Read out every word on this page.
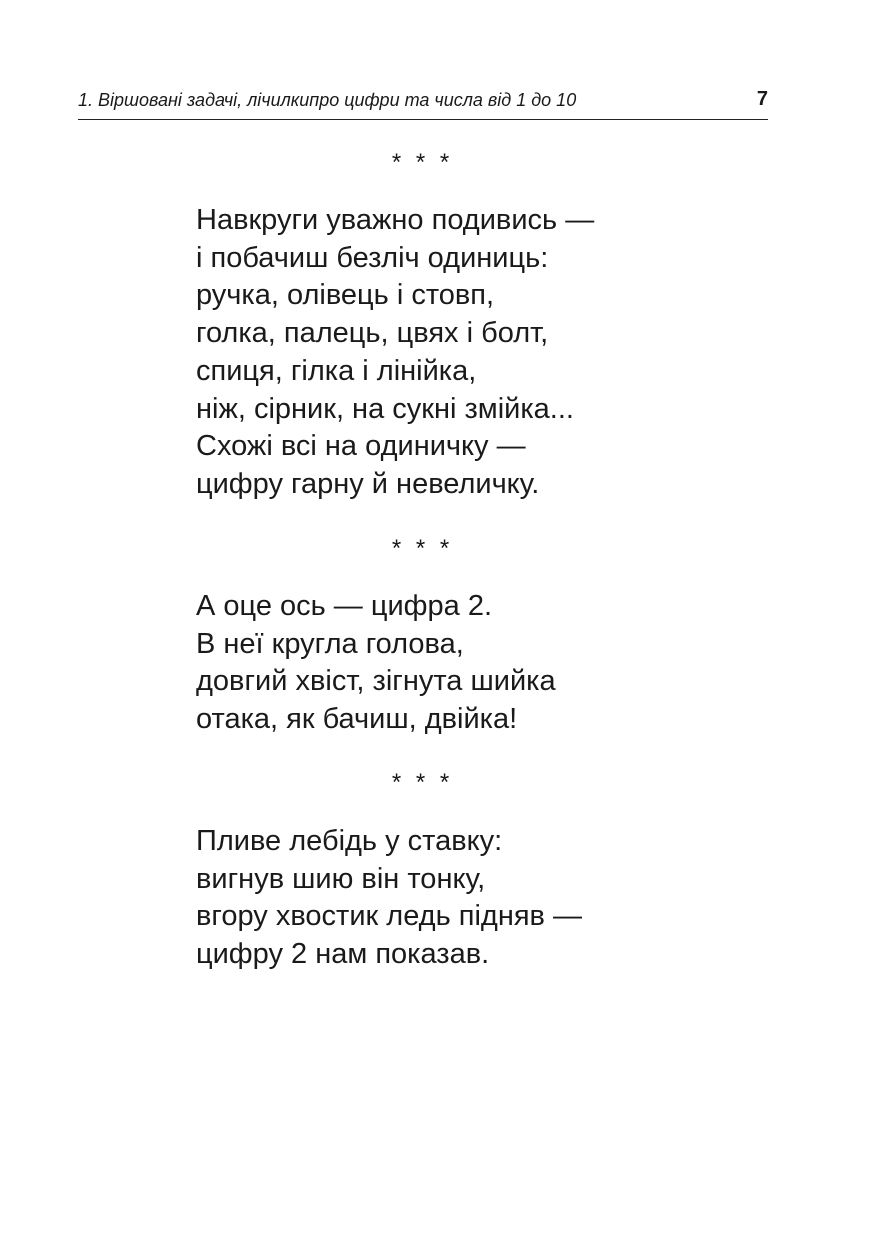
1. Віршовані задачі, лічилкипро цифри та числа від 1 до 10	7
* * *
Навкруги уважно подивись —
і побачиш безліч одиниць:
ручка, олівець і стовп,
голка, палець, цвях і болт,
спиця, гілка і лінійка,
ніж, сірник, на сукні змійка...
Схожі всі на одиничку —
цифру гарну й невеличку.
* * *
А оце ось — цифра 2.
В неї кругла голова,
довгий хвіст, зігнута шийка
отака, як бачиш, двійка!
* * *
Пливе лебідь у ставку:
вигнув шию він тонку,
вгору хвостик ледь підняв —
цифру 2 нам показав.
